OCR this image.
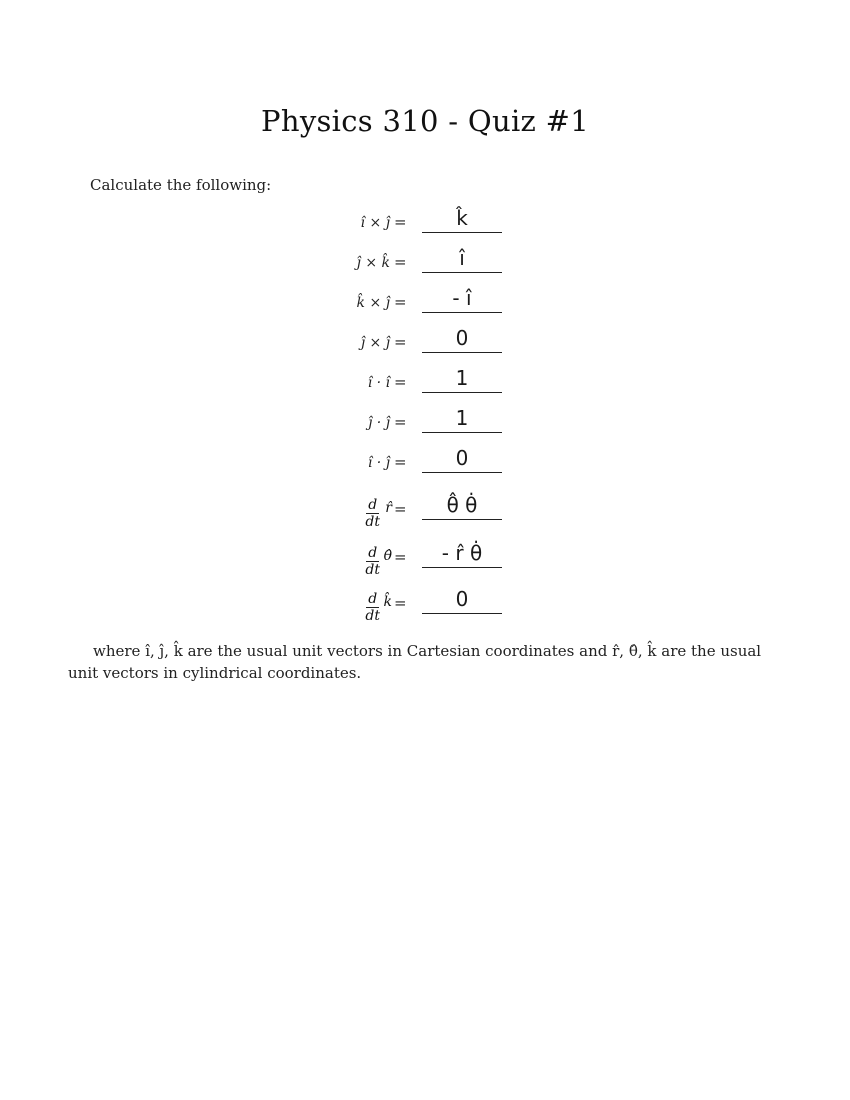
Physics 310 - Quiz #1
Calculate the following:
î × ĵ =	k̂
ĵ × k̂ =	î
k̂ × ĵ =	- î
ĵ × ĵ =	0
î · î =	1
ĵ · ĵ =	1
î · ĵ =	0
$\frac{d}{dt}$ r̂ =	θ̂ θ̇
$\frac{d}{dt}$ θ̂ =	- r̂ θ̇
$\frac{d}{dt}$ k̂ =	0
where î, ĵ, k̂ are the usual unit vectors in Cartesian coordinates and r̂, θ̂, k̂ are the usual unit vectors in cylindrical coordinates.
